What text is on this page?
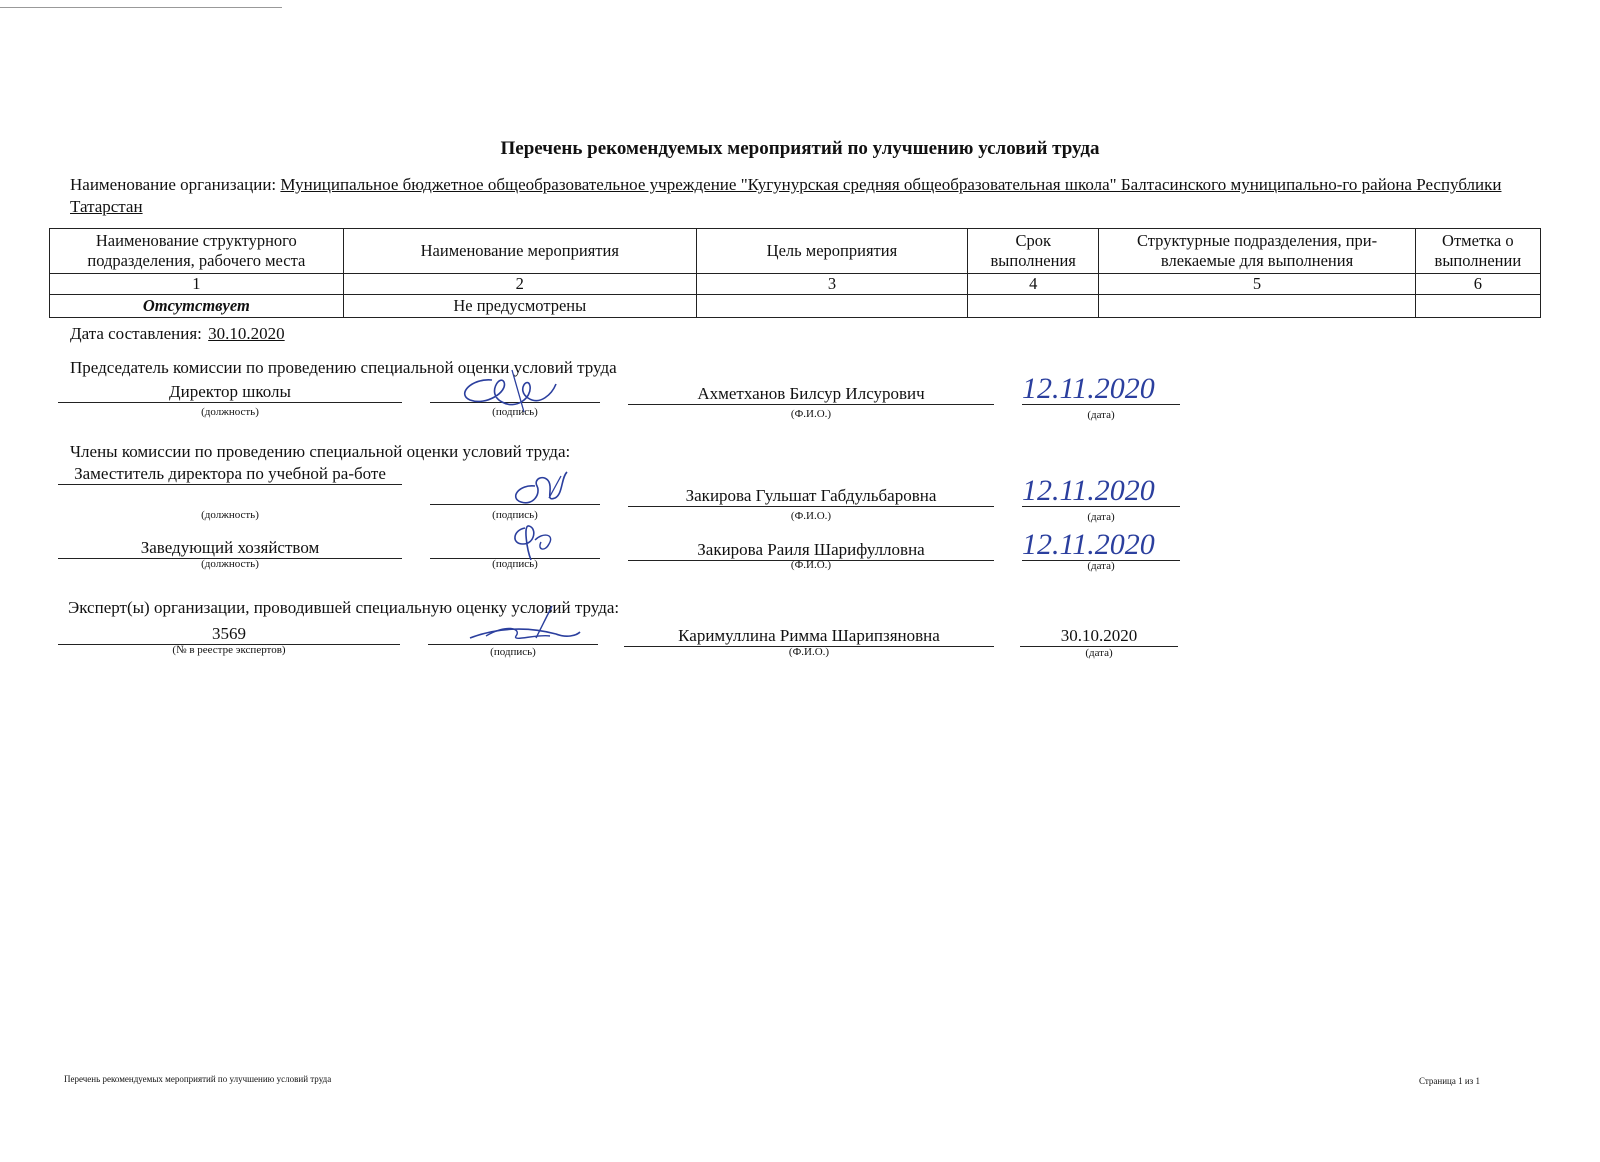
Перечень рекомендуемых мероприятий по улучшению условий труда
Наименование организации: Муниципальное бюджетное общеобразовательное учреждение "Кугунурская средняя общеобразовательная школа" Балтасинского муниципально-го района Республики Татарстан
Наименование структурного подразделения, рабочего места	Наименование мероприятия	Цель мероприятия	Срок выполнения	Структурные подразделения, при-влекаемые для выполнения	Отметка о выполнении
1	2	3	4	5	6
Отсутствует	Не предусмотрены				
Дата составления: 30.10.2020
Председатель комиссии по проведению специальной оценки условий труда
Директор школы
(должность)	(подпись)
Ахметханов Билсур Илсурович
(Ф.И.О.)
12.11.2020
(дата)
Члены комиссии по проведению специальной оценки условий труда:
Заместитель директора по учебной ра-боте
(должность)	(подпись)
Закирова Гульшат Габдульбаровна
(Ф.И.О.)
12.11.2020
(дата)
Заведующий хозяйством
(должность)	(подпись)
Закирова Раиля Шарифулловна
(Ф.И.О.)
12.11.2020
(дата)
Эксперт(ы) организации, проводившей специальную оценку условий труда:
3569
(№ в реестре экспертов)	(подпись)
Каримуллина Римма Шарипзяновна
(Ф.И.О.)
30.10.2020
(дата)
Перечень рекомендуемых мероприятий по улучшению условий труда	Страница 1 из 1
